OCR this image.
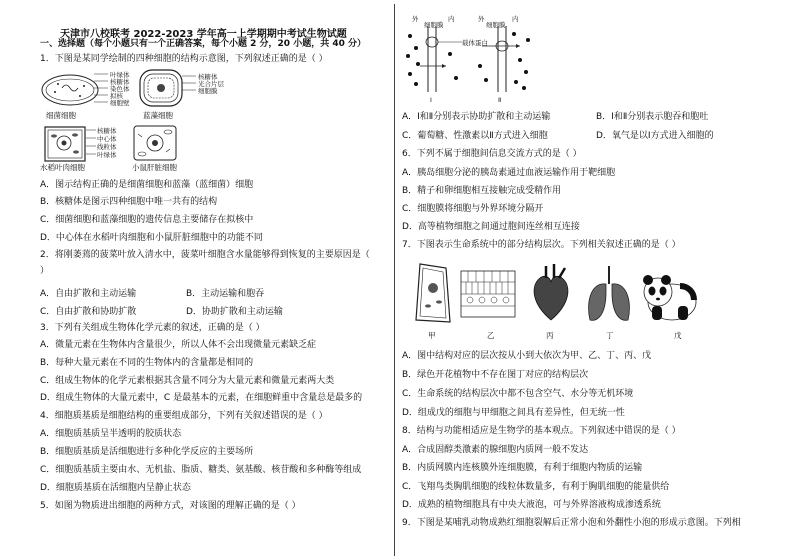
天津市八校联考 2022-2023 学年高一上学期期中考试生物试题
一、选择题（每个小题只有一个正确答案，每个小题 2 分，20 小题，共 40 分）
1．下图是某同学绘制的四种细胞的结构示意图，下列叙述正确的是（ ）
叶绿体
核糖体
染色体
拟核
细胞壁
核糖体
光合片层
细胞膜
细菌细胞	蓝藻细胞
核糖体
中心体
线粒体
叶绿体
水稻叶肉细胞	小鼠肝脏细胞
A．图示结构正确的是细菌细胞和蓝藻（蓝细菌）细胞
B．核糖体是图示四种细胞中唯一共有的结构
C．细菌细胞和蓝藻细胞的遗传信息主要储存在拟核中
D．中心体在水稻叶肉细胞和小鼠肝脏细胞中的功能不同
2．将刚萎蔫的菠菜叶放入清水中，菠菜叶细胞含水量能够得到恢复的主要原因是（
）
A．自由扩散和主动运输	B．主动运输和胞吞
C．自由扩散和协助扩散	D．协助扩散和主动运输
3．下列有关组成生物体化学元素的叙述，正确的是（ ）
A．微量元素在生物体内含量很少，所以人体不会出现微量元素缺乏症
B．每种大量元素在不同的生物体内的含量都是相同的
C．组成生物体的化学元素根据其含量不同分为大量元素和微量元素两大类
D．组成生物体的大量元素中，C 是最基本的元素，在细胞鲜重中含量总是最多的
4．细胞质基质是细胞结构的重要组成部分，下列有关叙述错误的是（ ）
A．细胞质基质呈半透明的胶质状态
B．细胞质基质是活细胞进行多种化学反应的主要场所
C．细胞质基质主要由水、无机盐、脂质、糖类、氨基酸、核苷酸和多种酶等组成
D．细胞质基质在活细胞内呈静止状态
5．如图为物质进出细胞的两种方式，对该图的理解正确的是（ ）
外	内
细胞膜
载体蛋白
Ⅰ
外	内
细胞膜
Ⅱ
A．Ⅰ和Ⅱ分别表示协助扩散和主动运输	B．Ⅰ和Ⅱ分别表示胞吞和胞吐
C．葡萄糖、性激素以Ⅱ方式进入细胞	D．氧气是以Ⅰ方式进入细胞的
6．下列不属于细胞间信息交流方式的是（ ）
A．胰岛细胞分泌的胰岛素通过血液运输作用于靶细胞
B．精子和卵细胞相互接触完成受精作用
C．细胞膜将细胞与外界环境分隔开
D．高等植物细胞之间通过胞间连丝相互连接
7．下图表示生命系统中的部分结构层次。下列相关叙述正确的是（ ）
甲	乙	丙	丁	戊
A．图中结构对应的层次按从小到大依次为甲、乙、丁、丙、戊
B．绿色开花植物中不存在图丁对应的结构层次
C．生命系统的结构层次中都不包含空气、水分等无机环境
D．组成戊的细胞与甲细胞之间具有差异性，但无统一性
8．结构与功能相适应是生物学的基本观点。下列叙述中错误的是（ ）
A．合成固醇类激素的腺细胞内质网一般不发达
B．内质网膜内连核膜外连细胞膜，有利于细胞内物质的运输
C．飞翔鸟类胸肌细胞的线粒体数量多，有利于胸肌细胞的能量供给
D．成熟的植物细胞具有中央大液泡，可与外界溶液构成渗透系统
9．下图是某哺乳动物成熟红细胞裂解后正常小泡和外翻性小泡的形成示意图。下列相
